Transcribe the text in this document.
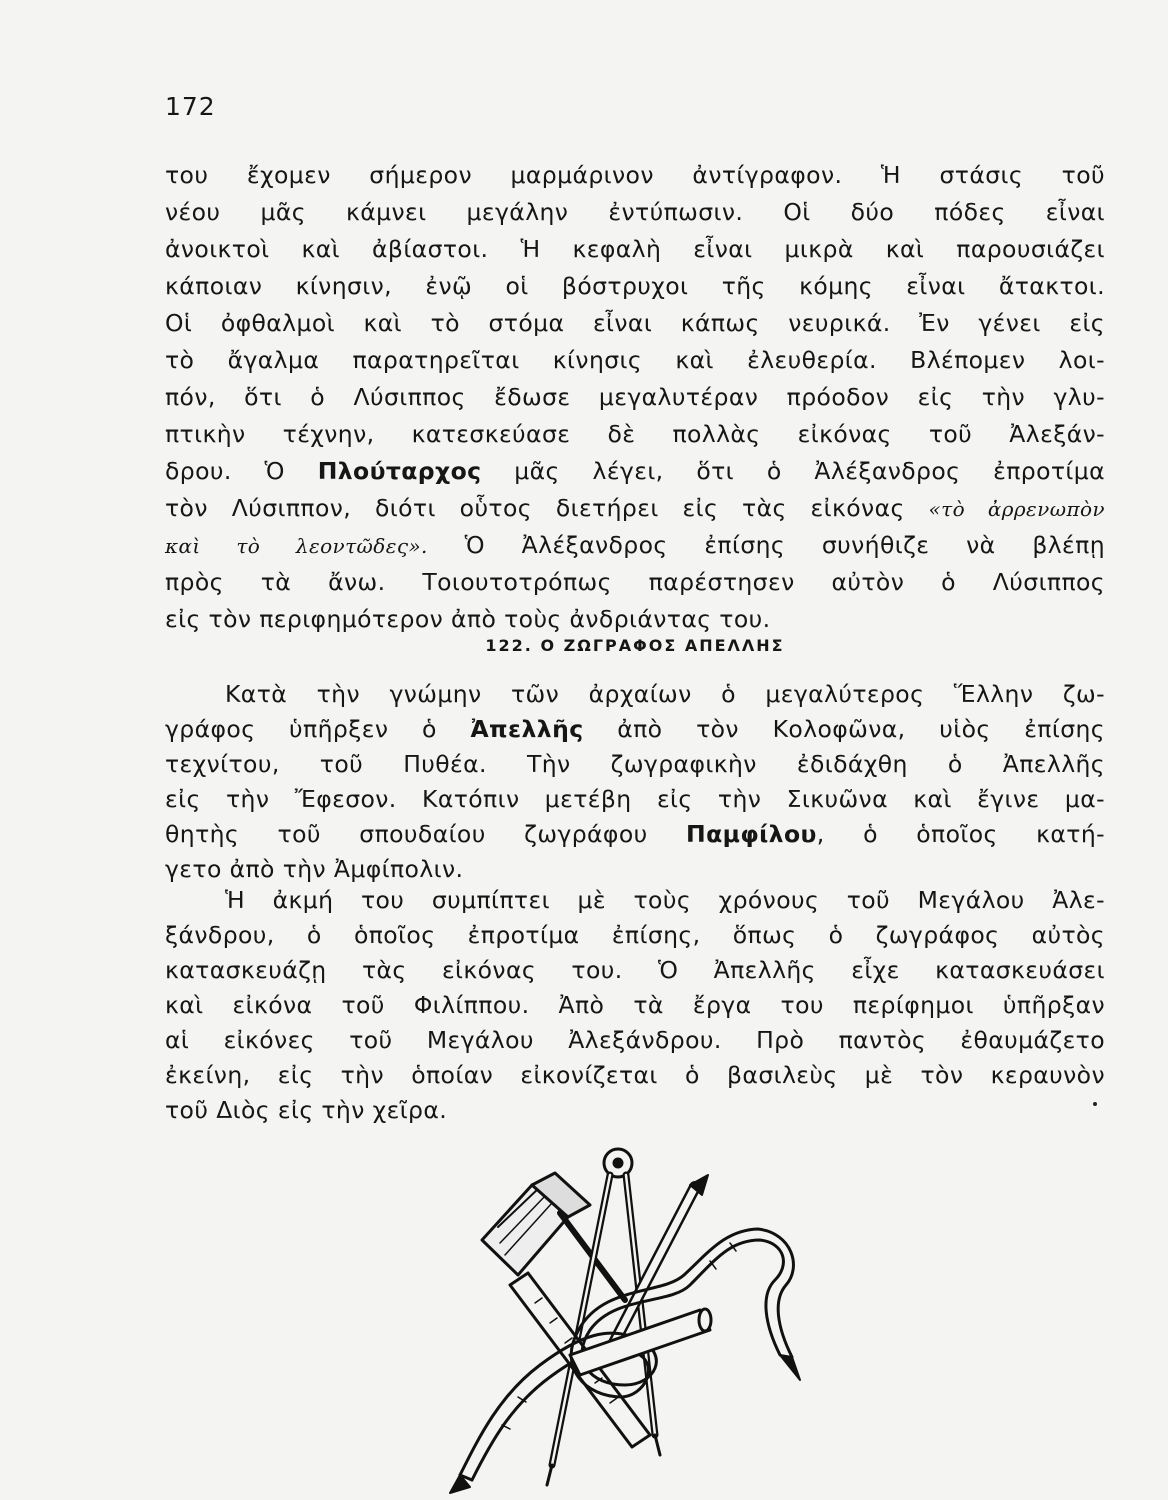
172
του ἔχομεν σήμερον μαρμάρινον ἀντίγραφον. Ἡ στάσις τοῦ
νέου μᾶς κάμνει μεγάλην ἐντύπωσιν. Οἱ δύο πόδες εἶναι
ἀνοικτοὶ καὶ ἀβίαστοι. Ἡ κεφαλὴ εἶναι μικρὰ καὶ παρουσιάζει
κάποιαν κίνησιν, ἐνῷ οἱ βόστρυχοι τῆς κόμης εἶναι ἄτακτοι.
Οἱ ὀφθαλμοὶ καὶ τὸ στόμα εἶναι κάπως νευρικά. Ἐν γένει εἰς
τὸ ἄγαλμα παρατηρεῖται κίνησις καὶ ἐλευθερία. Βλέπομεν λοι-
πόν, ὅτι ὁ Λύσιππος ἔδωσε μεγαλυτέραν πρόοδον εἰς τὴν γλυ-
πτικὴν τέχνην, κατεσκεύασε δὲ πολλὰς εἰκόνας τοῦ Ἀλεξάν-
δρου. Ὁ Πλούταρχος μᾶς λέγει, ὅτι ὁ Ἀλέξανδρος ἐπροτίμα
τὸν Λύσιππον, διότι οὗτος διετήρει εἰς τὰς εἰκόνας «τὸ ἀρρενωπὸν
καὶ τὸ λεοντῶδες». Ὁ Ἀλέξανδρος ἐπίσης συνήθιζε νὰ βλέπῃ
πρὸς τὰ ἄνω. Τοιουτοτρόπως παρέστησεν αὐτὸν ὁ Λύσιππος
εἰς τὸν περιφημότερον ἀπὸ τοὺς ἀνδριάντας του.
122. Ο ΖΩΓΡΑΦΟΣ ΑΠΕΛΛΗΣ
Κατὰ τὴν γνώμην τῶν ἀρχαίων ὁ μεγαλύτερος Ἕλλην ζω-
γράφος ὑπῆρξεν ὁ Ἀπελλῆς ἀπὸ τὸν Κολοφῶνα, υἱὸς ἐπίσης
τεχνίτου, τοῦ Πυθέα. Τὴν ζωγραφικὴν ἐδιδάχθη ὁ Ἀπελλῆς
εἰς τὴν Ἔφεσον. Κατόπιν μετέβη εἰς τὴν Σικυῶνα καὶ ἔγινε μα-
θητὴς τοῦ σπουδαίου ζωγράφου Παμφίλου, ὁ ὁποῖος κατή-
γετο ἀπὸ τὴν Ἀμφίπολιν.
Ἡ ἀκμή του συμπίπτει μὲ τοὺς χρόνους τοῦ Μεγάλου Ἀλε-
ξάνδρου, ὁ ὁποῖος ἐπροτίμα ἐπίσης, ὅπως ὁ ζωγράφος αὐτὸς
κατασκευάζῃ τὰς εἰκόνας του. Ὁ Ἀπελλῆς εἶχε κατασκευάσει
καὶ εἰκόνα τοῦ Φιλίππου. Ἀπὸ τὰ ἔργα του περίφημοι ὑπῆρξαν
αἱ εἰκόνες τοῦ Μεγάλου Ἀλεξάνδρου. Πρὸ παντὸς ἐθαυμάζετο
ἐκείνη, εἰς τὴν ὁποίαν εἰκονίζεται ὁ βασιλεὺς μὲ τὸν κεραυνὸν
τοῦ Διὸς εἰς τὴν χεῖρα.
